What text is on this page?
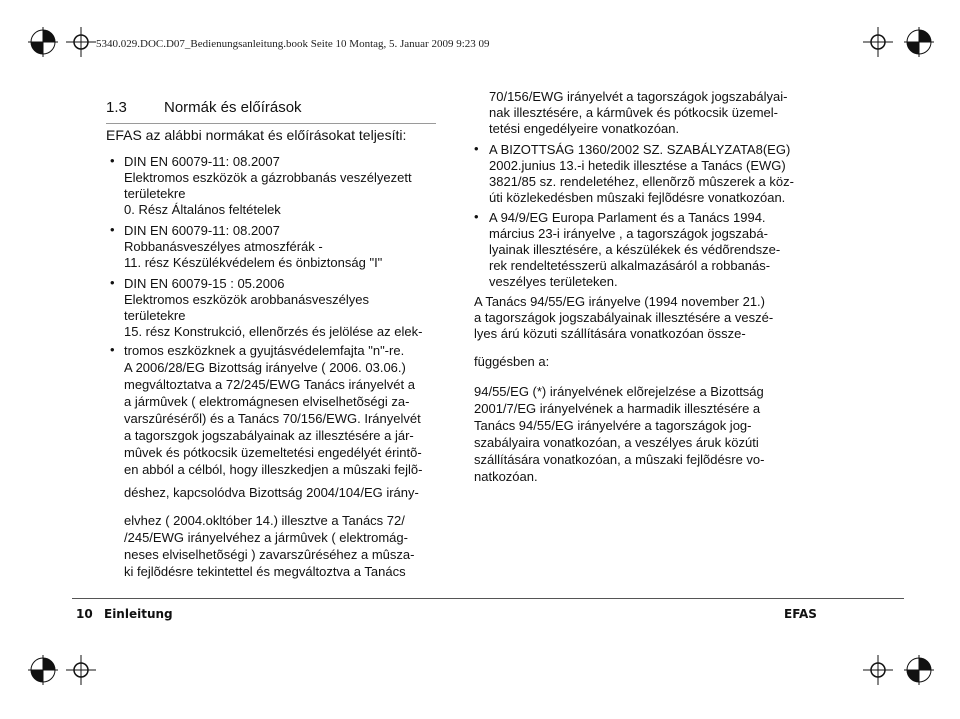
5340.029.DOC.D07_Bedienungsanleitung.book Seite 10 Montag, 5. Januar 2009 9:23 09
1.3 Normák és előírások
EFAS az alábbi normákat és előírásokat teljesíti:
• DIN EN 60079-11: 08.2007
Elektromos eszközök a gázrobbanás veszélyezett
területekre
0. Rész Általános feltételek
• DIN EN 60079-11: 08.2007
Robbanásveszélyes atmoszférák -
11. rész Készülékvédelem és önbiztonság "I"
• DIN EN 60079-15 : 05.2006
Elektromos eszközök arobbanásveszélyes
területekre
15. rész Konstrukció, ellenõrzés és jelölése az elek-
• tromos eszközknek a gyujtásvédelemfajta "n"-re.
A 2006/28/EG Bizottság irányelve ( 2006. 03.06.)
megváltoztatva a 72/245/EWG Tanács irányelvét a
a jármûvek ( elektromágnesen elviselhetõségi za-
varszûréséről) és a Tanács 70/156/EWG. Irányelvét
a tagorszgok jogszabályainak az illesztésére a jár-
mûvek és pótkocsik üzemeltetési engedélyét érintõ-
en abból a célból, hogy illeszkedjen a mûszaki fejlõ-
déshez, kapcsolódva Bizottság 2004/104/EG irány-
elvhez ( 2004.okltóber 14.) illesztve a Tanács 72/
/245/EWG irányelvéhez a jármûvek ( elektromág-
neses elviselhetõségi ) zavarszûréséhez a mûsza-
ki fejlõdésre tekintettel és megváltoztva a Tanács
70/156/EWG irányelvét a tagországok jogszabályai-
nak illesztésére, a kármûvek és pótkocsik üzemel-
tetési engedélyeire vonatkozóan.
• A BIZOTTSÁG 1360/2002 SZ. SZABÁLYZATA8(EG)
2002.junius 13.-i hetedik illesztése a Tanács (EWG)
3821/85 sz. rendeletéhez, ellenõrzõ mûszerek a köz-
úti közlekedésben mûszaki fejlõdésre vonatkozóan.
• A 94/9/EG Europa Parlament és a Tanács 1994.
március 23-i irányelve , a tagországok jogszabá-
lyainak illesztésére, a készülékek és védõrendsze-
rek rendeltetésszerü alkalmazásáról a robbanás-
veszélyes területeken.
A Tanács 94/55/EG irányelve (1994 november 21.)
a tagországok jogszabályainak illesztésére a veszé-
lyes árú közuti szállítására vonatkozóan össze-
függésben a:
94/55/EG (*) irányelvének elõrejelzése a Bizottság
2001/7/EG irányelvének a harmadik illesztésére a
Tanács 94/55/EG irányelvére a tagországok jog-
szabályaira vonatkozóan, a veszélyes áruk közúti
szállítására vonatkozóan, a mûszaki fejlõdésre vo-
natkozóan.
10 Einleitung	EFAS
